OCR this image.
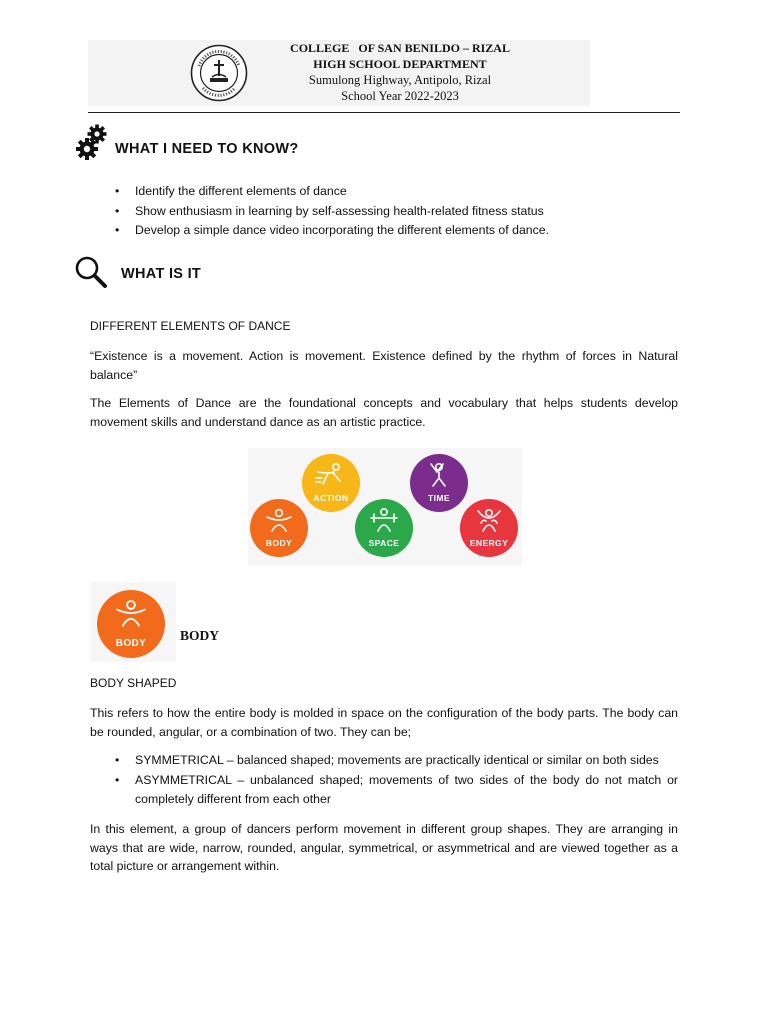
COLLEGE   OF SAN BENILDO – RIZAL
HIGH SCHOOL DEPARTMENT
Sumulong Highway, Antipolo, Rizal
School Year 2022-2023
WHAT I NEED TO KNOW?
• Identify the different elements of dance
• Show enthusiasm in learning by self-assessing health-related fitness status
• Develop a simple dance video incorporating the different elements of dance.
WHAT IS IT
DIFFERENT ELEMENTS OF DANCE
“Existence is a movement. Action is movement. Existence defined by the rhythm of forces in Natural balance”
The Elements of Dance are the foundational concepts and vocabulary that helps students develop movement skills and understand dance as an artistic practice.
ACTION	TIME
BODY	SPACE	ENERGY
BODY
BODY
BODY SHAPED
This refers to how the entire body is molded in space on the configuration of the body parts. The body can be rounded, angular, or a combination of two. They can be;
• SYMMETRICAL – balanced shaped; movements are practically identical or similar on both sides
• ASYMMETRICAL – unbalanced shaped; movements of two sides of the body do not match or completely different from each other
In this element, a group of dancers perform movement in different group shapes. They are arranging in ways that are wide, narrow, rounded, angular, symmetrical, or asymmetrical and are viewed together as a total picture or arrangement within.
